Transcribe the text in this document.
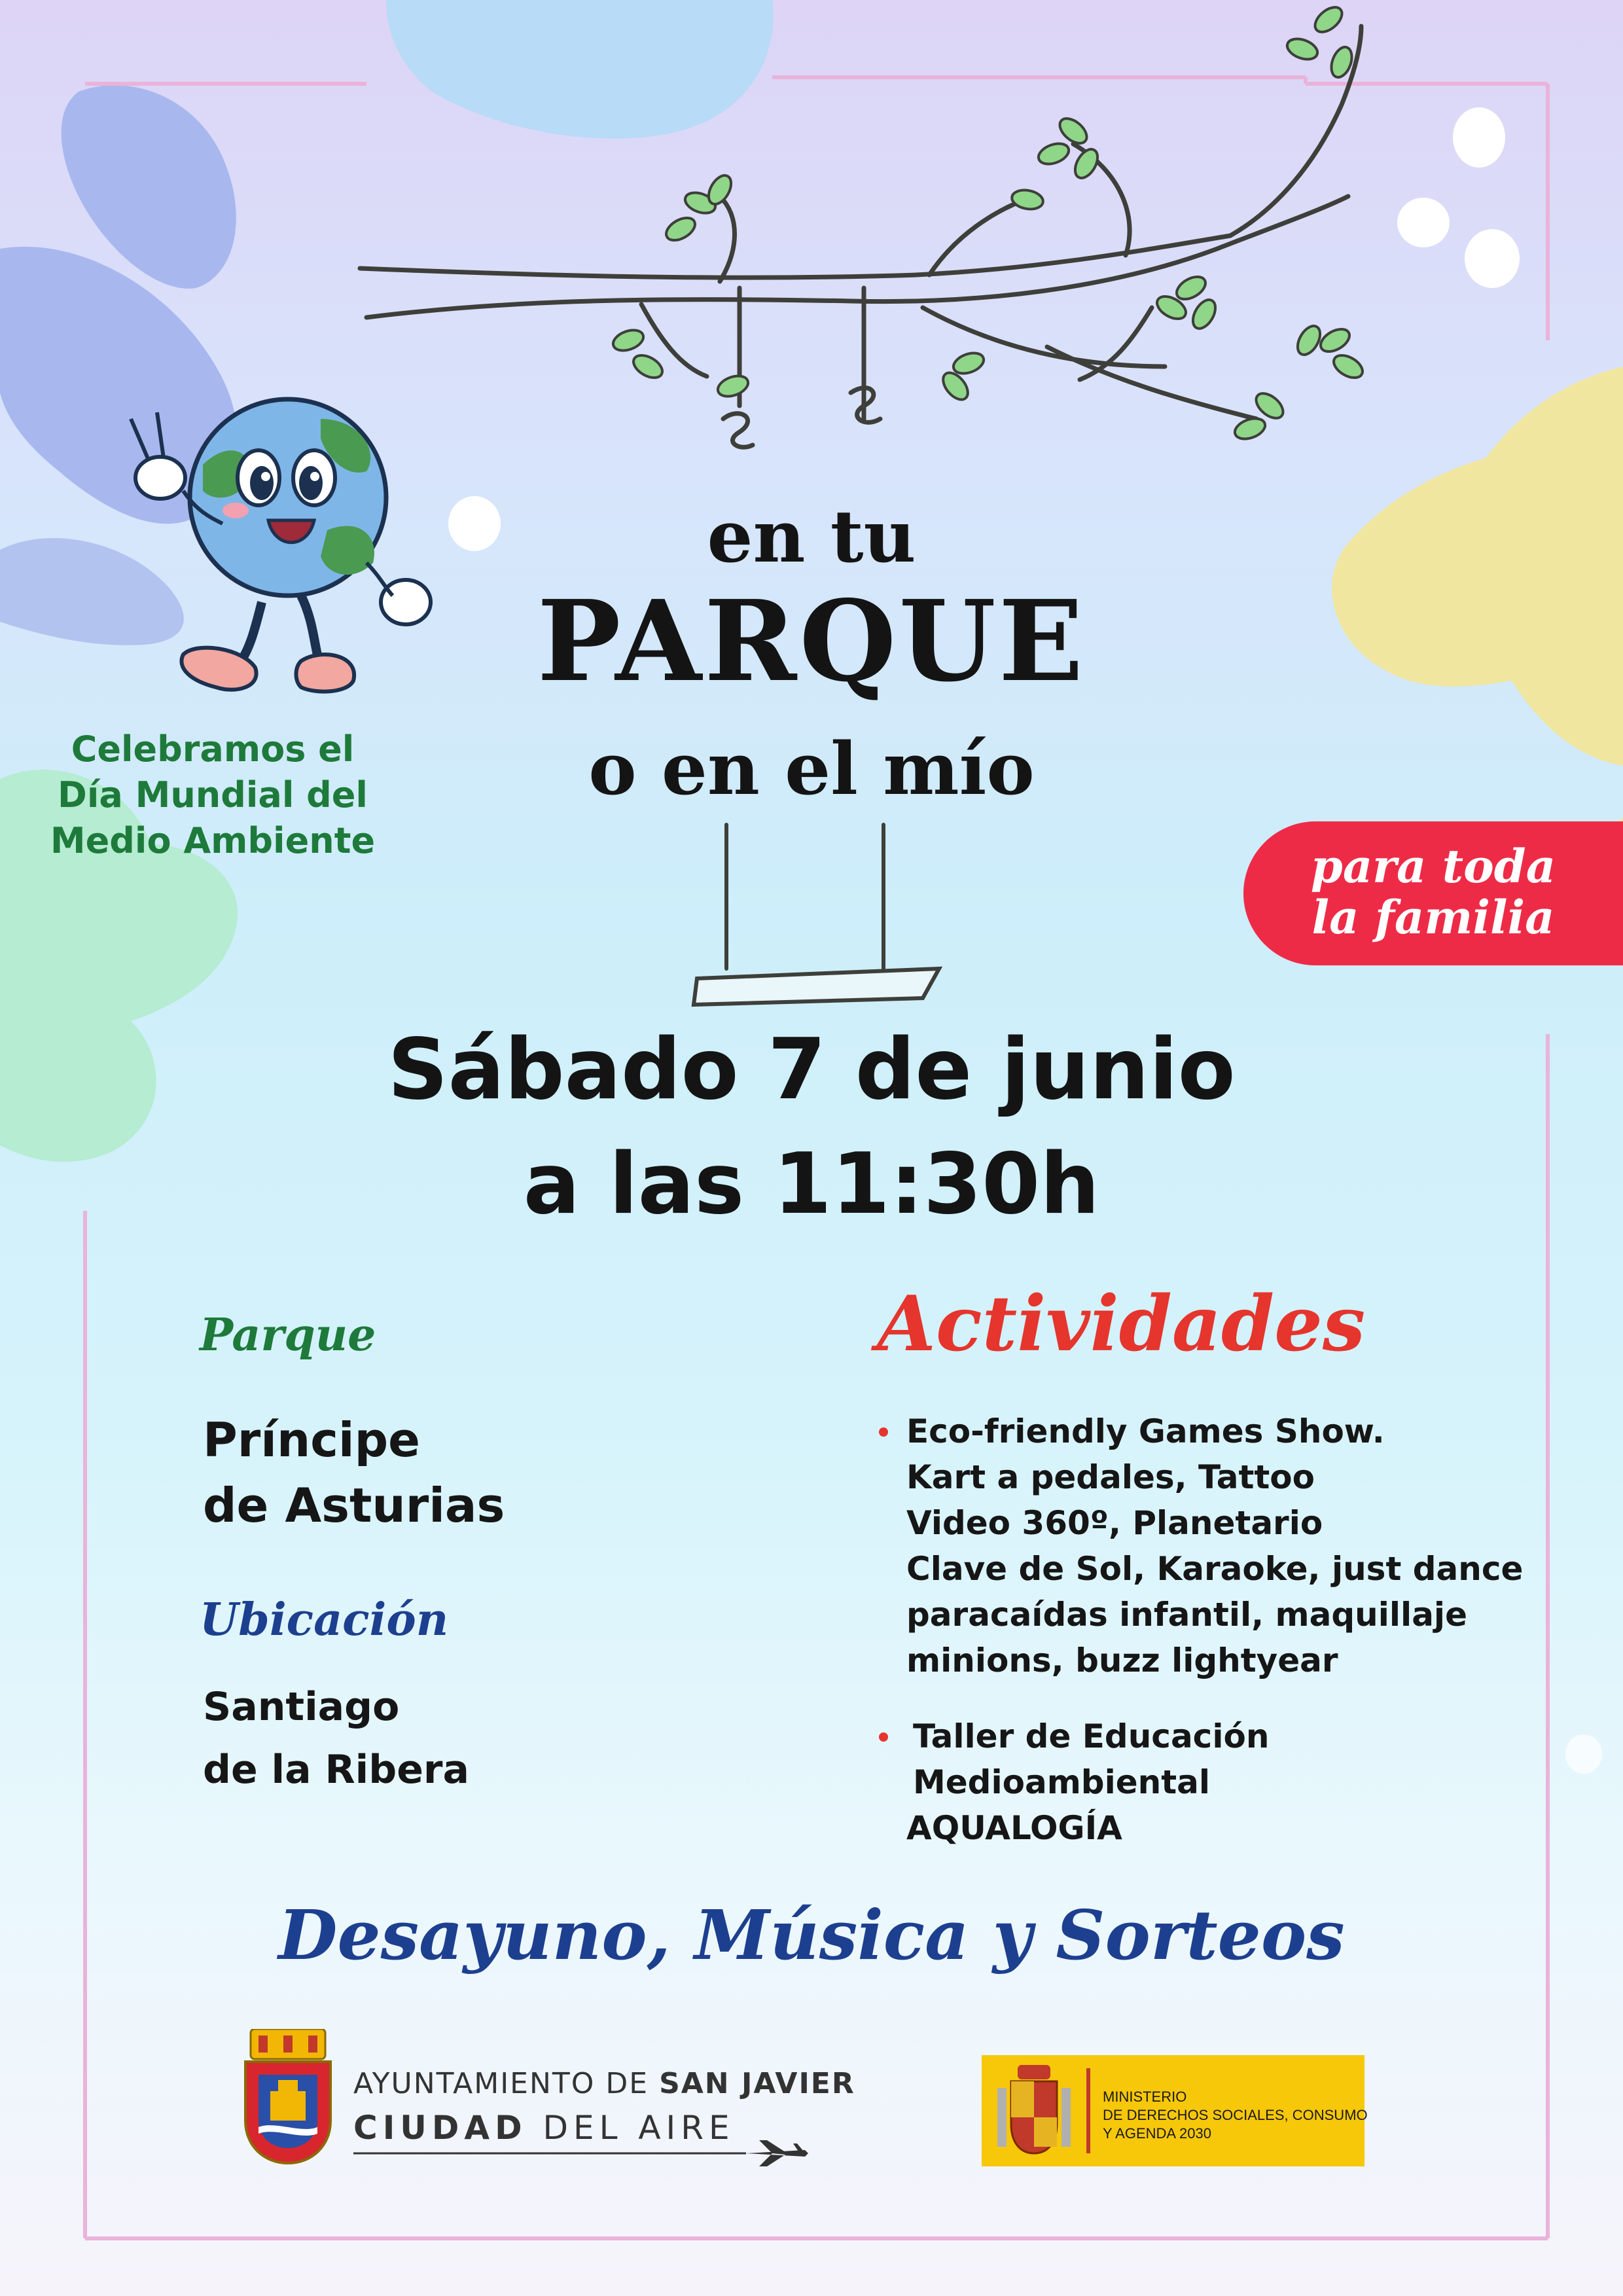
Celebramos el
Día Mundial del
Medio Ambiente
en tu
PARQUE
o en el mío
para toda
la familia
Sábado 7 de junio
a las 11:30h
Parque
Príncipe
de Asturias
Ubicación
Santiago
de la Ribera
Actividades
Eco-friendly Games Show.
Kart a pedales, Tattoo
Video 360º, Planetario
Clave de Sol, Karaoke, just dance
paracaídas infantil, maquillaje
minions, buzz lightyear
Taller de Educación
Medioambiental
AQUALOGÍA
Desayuno, Música y Sorteos
AYUNTAMIENTO DE SAN JAVIER
CIUDAD DEL AIRE
MINISTERIO
DE DERECHOS SOCIALES, CONSUMO
Y AGENDA 2030
